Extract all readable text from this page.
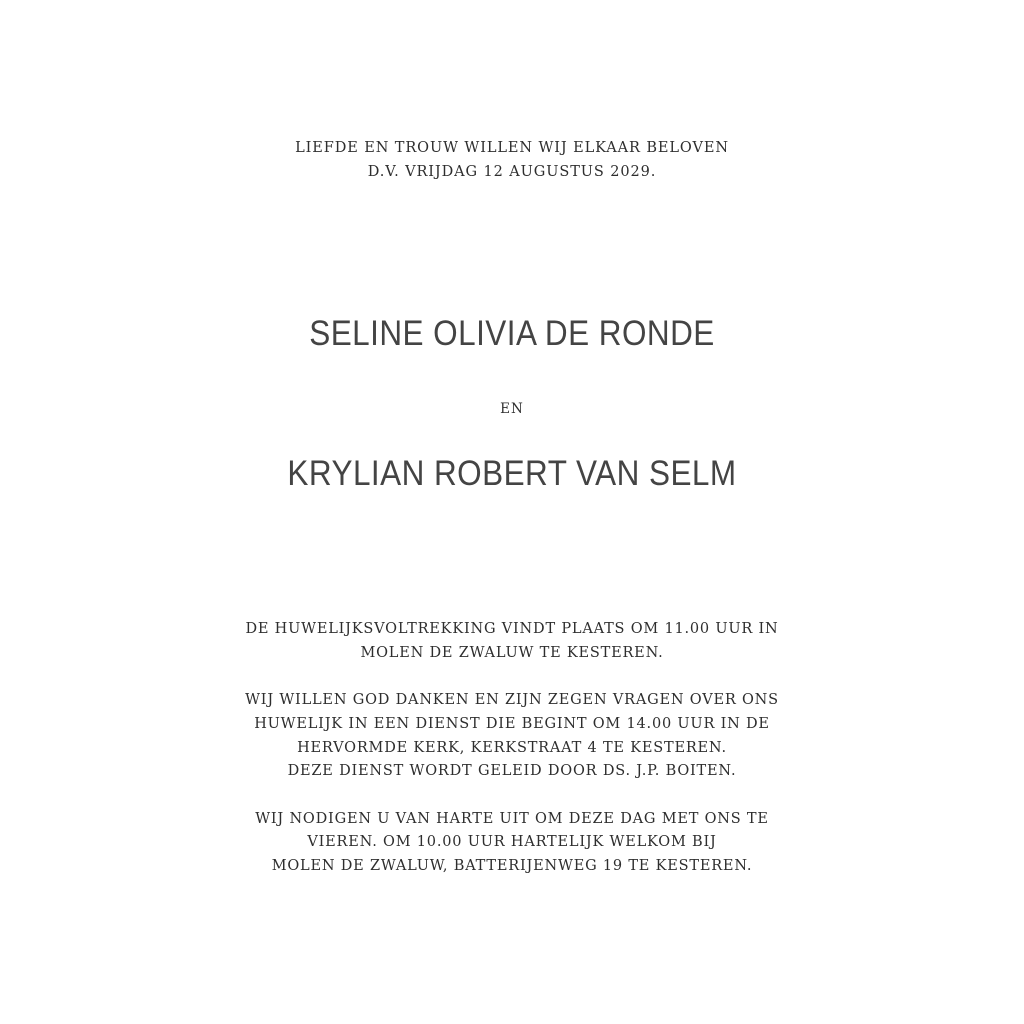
LIEFDE EN TROUW WILLEN WIJ ELKAAR BELOVEN
D.V. VRIJDAG 12 AUGUSTUS 2029.
SELINE OLIVIA DE RONDE
EN
KRYLIAN ROBERT VAN SELM
DE HUWELIJKSVOLTREKKING VINDT PLAATS OM 11.00 UUR IN
MOLEN DE ZWALUW TE KESTEREN.
WIJ WILLEN GOD DANKEN EN ZIJN ZEGEN VRAGEN OVER ONS
HUWELIJK IN EEN DIENST DIE BEGINT OM 14.00 UUR IN DE
HERVORMDE KERK, KERKSTRAAT 4 TE KESTEREN.
DEZE DIENST WORDT GELEID DOOR DS. J.P. BOITEN.
WIJ NODIGEN U VAN HARTE UIT OM DEZE DAG MET ONS TE
VIEREN. OM 10.00 UUR HARTELIJK WELKOM BIJ
MOLEN DE ZWALUW, BATTERIJENWEG 19 TE KESTEREN.
